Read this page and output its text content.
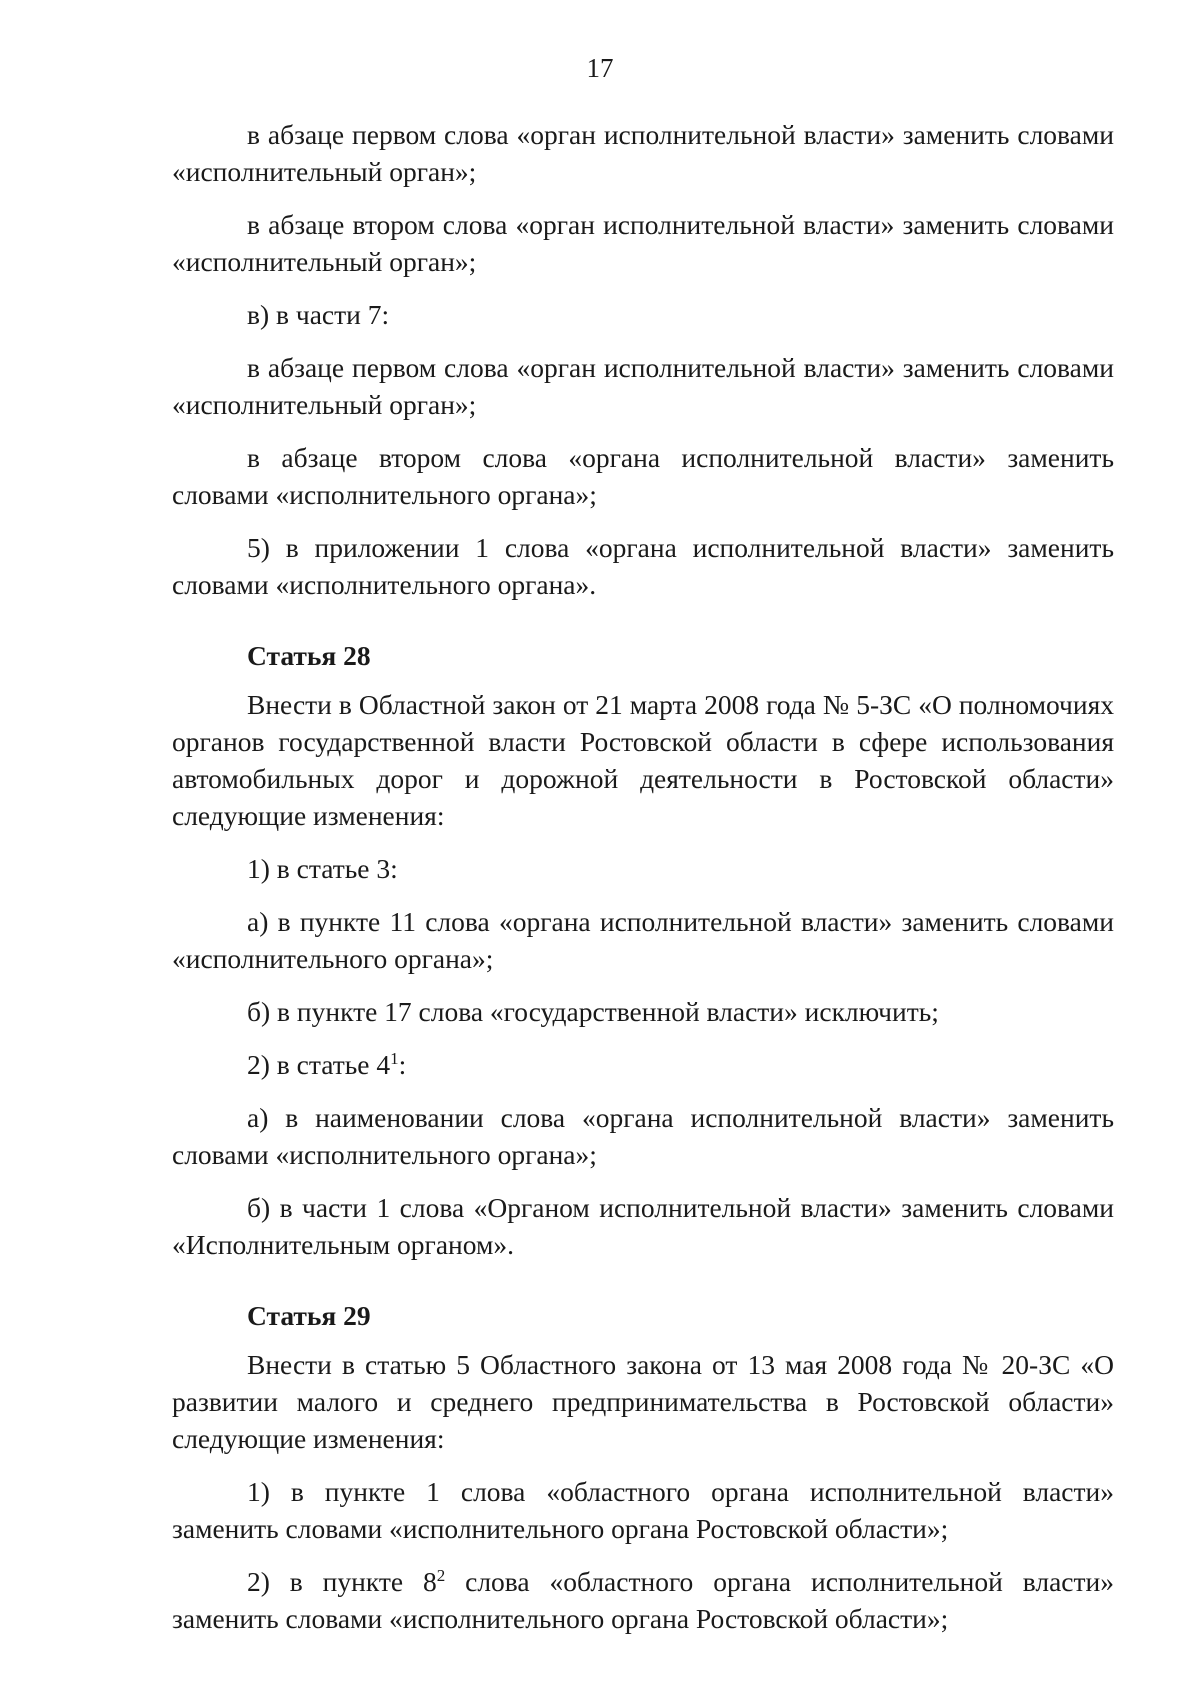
17

в абзаце первом слова «орган исполнительной власти» заменить словами «исполнительный орган»;

в абзаце втором слова «орган исполнительной власти» заменить словами «исполнительный орган»;

в) в части 7:

в абзаце первом слова «орган исполнительной власти» заменить словами «исполнительный орган»;

в абзаце втором слова «органа исполнительной власти» заменить словами «исполнительного органа»;

5) в приложении 1 слова «органа исполнительной власти» заменить словами «исполнительного органа».

Статья 28

Внести в Областной закон от 21 марта 2008 года № 5-ЗС «О полномочиях органов государственной власти Ростовской области в сфере использования автомобильных дорог и дорожной деятельности в Ростовской области» следующие изменения:

1) в статье 3:

а) в пункте 11 слова «органа исполнительной власти» заменить словами «исполнительного органа»;

б) в пункте 17 слова «государственной власти» исключить;

2) в статье $4^1$:

а) в наименовании слова «органа исполнительной власти» заменить словами «исполнительного органа»;

б) в части 1 слова «Органом исполнительной власти» заменить словами «Исполнительным органом».

Статья 29

Внести в статью 5 Областного закона от 13 мая 2008 года № 20-ЗС «О развитии малого и среднего предпринимательства в Ростовской области» следующие изменения:

1) в пункте 1 слова «областного органа исполнительной власти» заменить словами «исполнительного органа Ростовской области»;

2) в пункте $8^2$ слова «областного органа исполнительной власти» заменить словами «исполнительного органа Ростовской области»;
